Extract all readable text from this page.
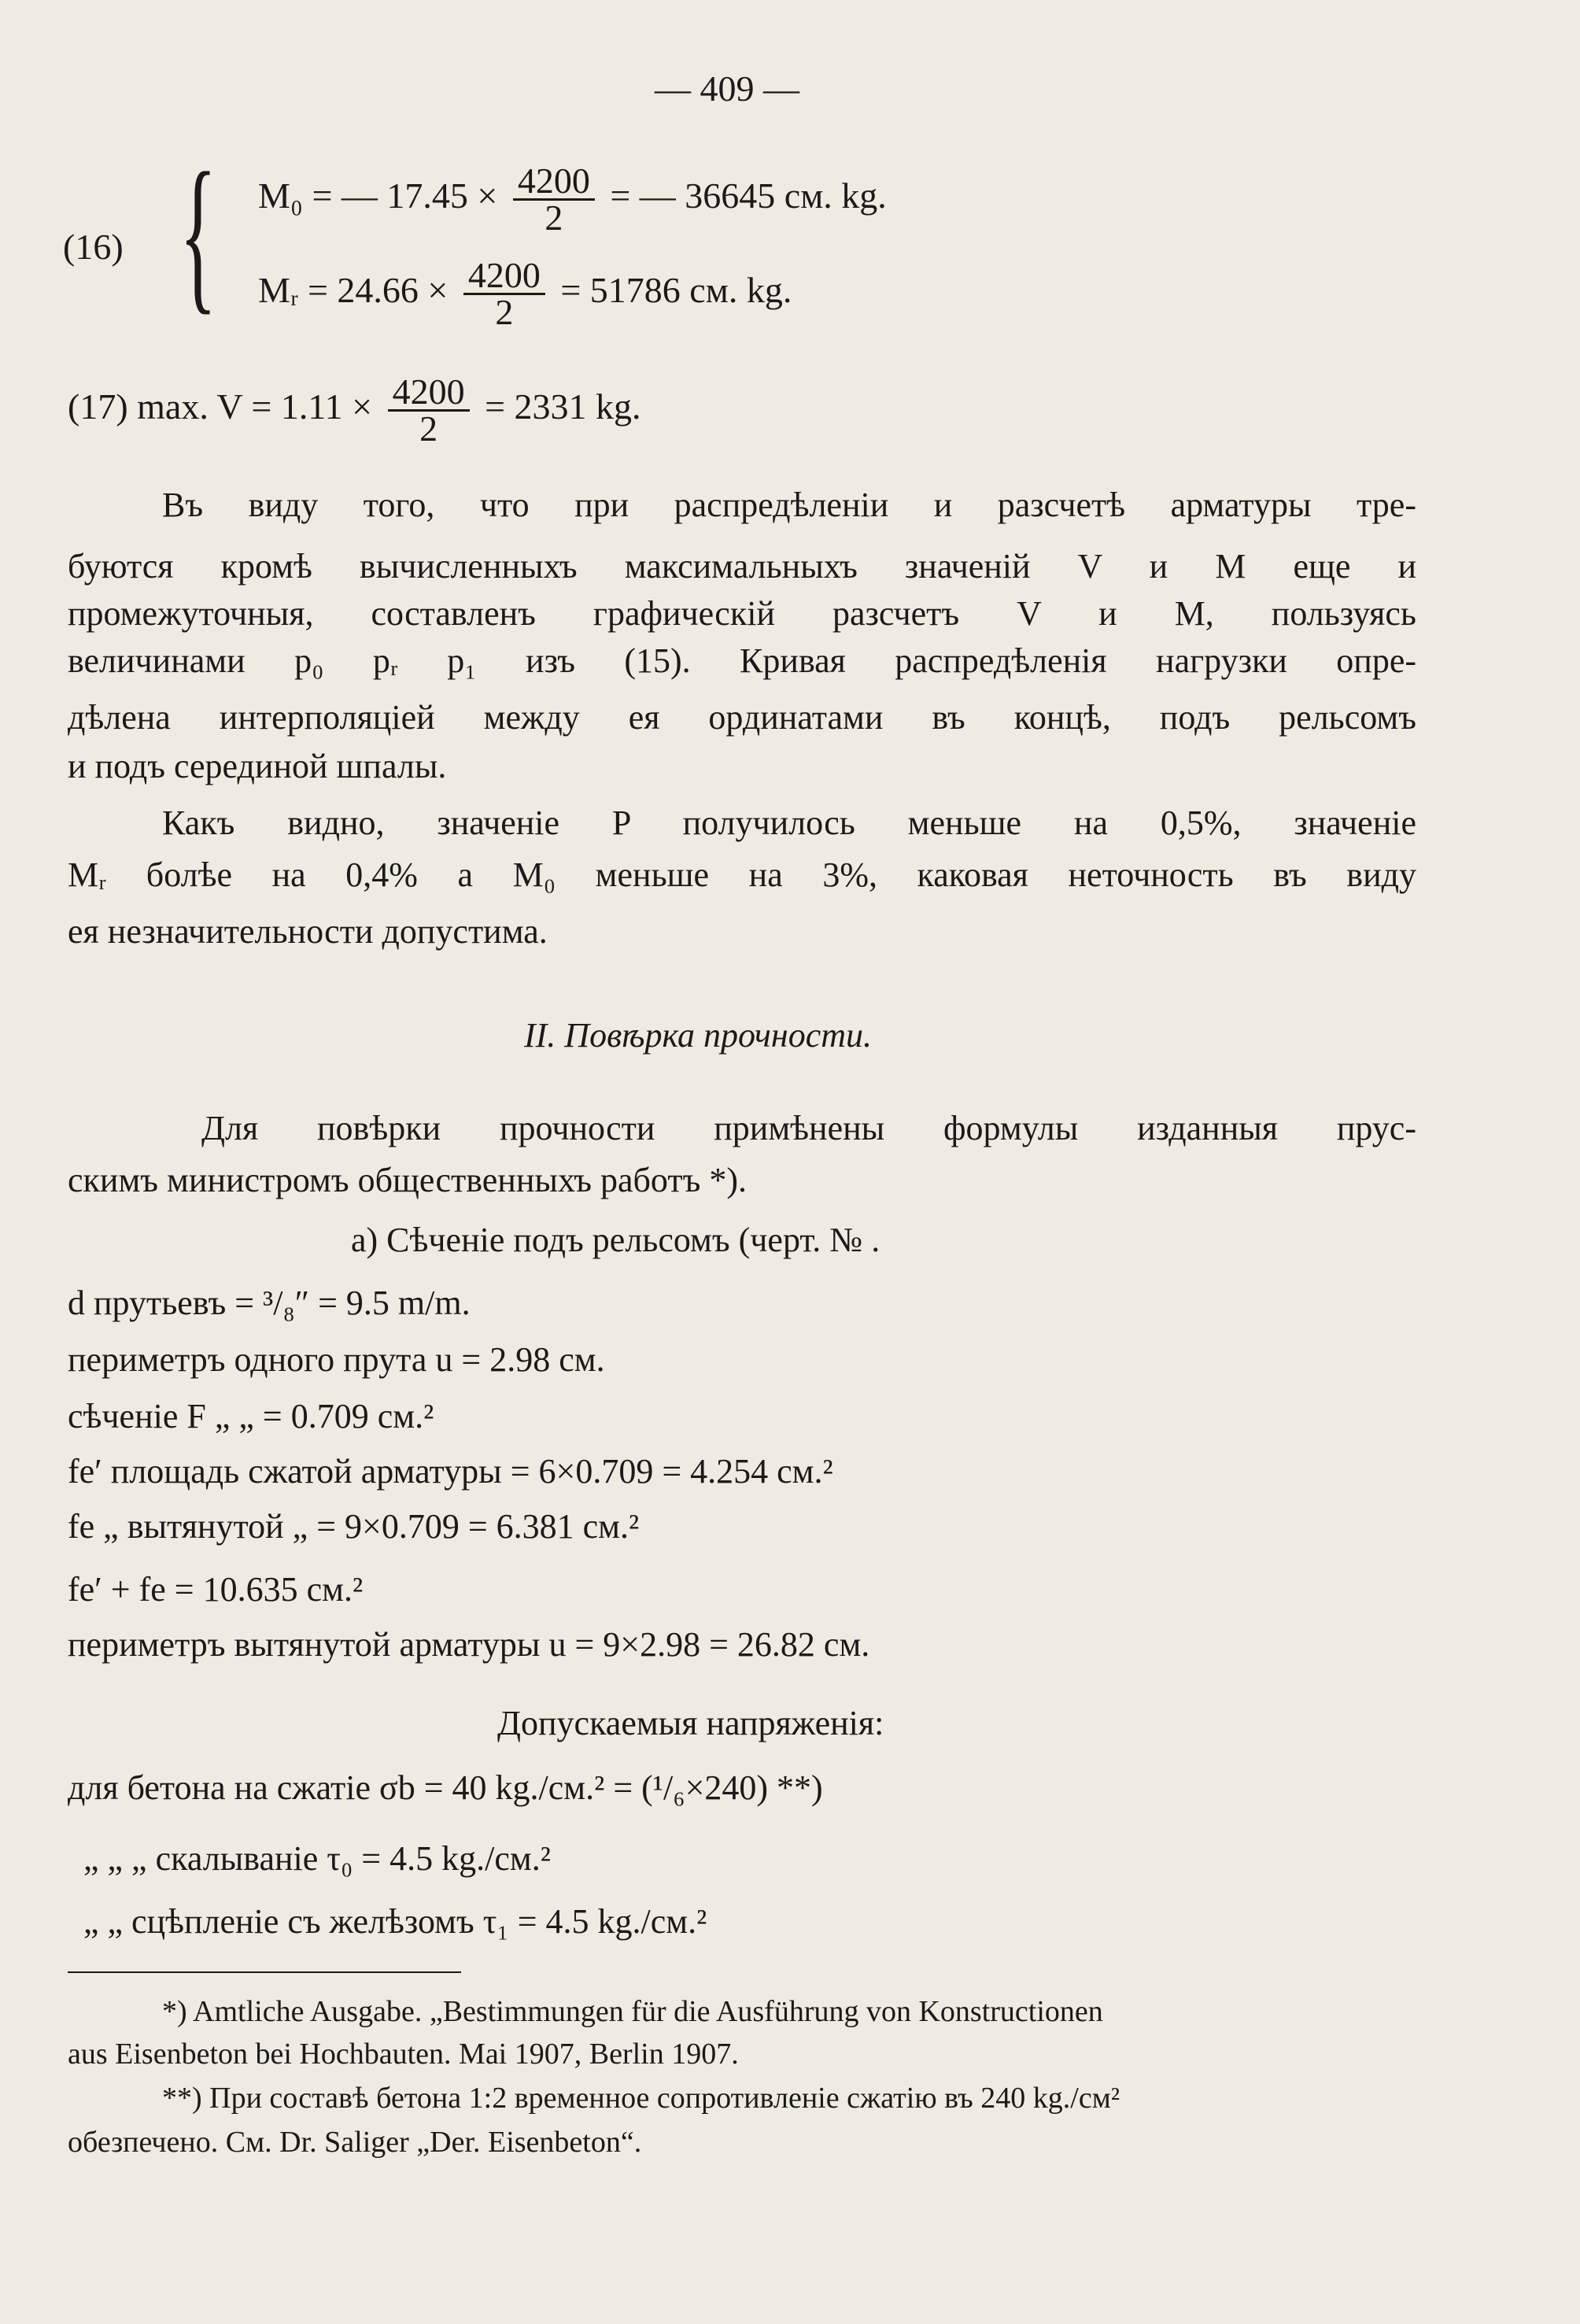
— 409 —
(16) { M₀ = — $17.45 \times \frac{4200}{2}$ = — 36645 см. kg.
Mᵣ = $24.66 \times \frac{4200}{2} = 51786$ см. kg.
(17) max. $V = 1.11 \times \frac{4200}{2} = 2331$ kg.
Въ виду того, что при распредѣленіи и разсчетѣ арматуры тре-
буются кромѣ вычисленныхъ максимальныхъ значеній V и M еще и
промежуточныя, составленъ графическій разсчетъ V и M, пользуясь
величинами p₀ pᵣ p₁ изъ (15). Кривая распредѣленія нагрузки опре-
дѣлена интерполяціей между ея ординатами въ концѣ, подъ рельсомъ
и подъ серединой шпалы.
Какъ видно, значеніе P получилось меньше на 0,5%, значеніе
Mᵣ болѣе на 0,4% а M₀ меньше на 3%, каковая неточность въ виду
ея незначительности допустима.
II. Повѣрка прочности.
Для повѣрки прочности примѣнены формулы изданныя прус-
скимъ министромъ общественныхъ работъ *).
а) Сѣченіе подъ рельсомъ (черт. № .
d прутьевъ = ³/₈″ = 9.5 m/m.
периметръ одного прута u = 2.98 см.
сѣченіе F „ „ = 0.709 см.²
fe′ площадь сжатой арматуры = 6×0.709 = 4.254 см.²
fe „ вытянутой „ = 9×0.709 = 6.381 см.²
fe′ + fe = 10.635 см.²
периметръ вытянутой арматуры u = 9×2.98 = 26.82 см.
Допускаемыя напряженія:
для бетона на сжатіе σb = 40 kg./см.² = (¹/₆×240) **)
„ „ „ скалываніе τ₀ = 4.5 kg./см.²
„ „ сцѣпленіе съ желѣзомъ τ₁ = 4.5 kg./см.²
*) Amtliche Ausgabe. „Bestimmungen für die Ausführung von Konstructionen
aus Eisenbeton bei Hochbauten. Mai 1907, Berlin 1907.
**) При составѣ бетона 1:2 временное сопротивленіе сжатію въ 240 kg./см²
обезпечено. См. Dr. Saliger „Der. Eisenbeton“.
